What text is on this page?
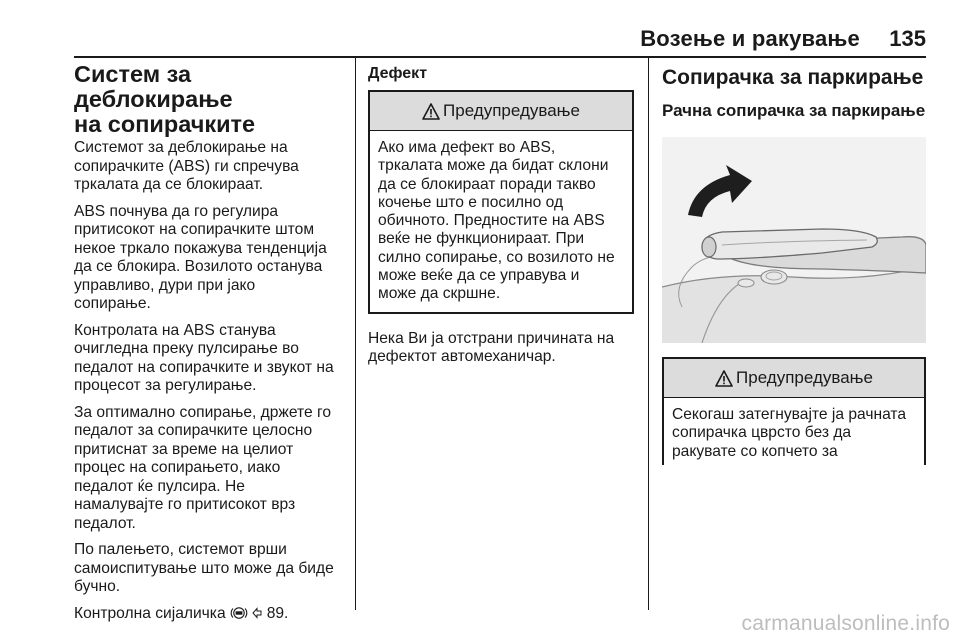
Возење и ракување	135
Систем за деблокирање
на сопирачките

Системот за деблокирање на
сопирачките (ABS) ги спречува
тркалата да се блокираат.

ABS почнува да го регулира
притисокот на сопирачките штом
некое тркало покажува тенденција
да се блокира. Возилото останува
управливо, дури при јако
сопирање.

Контролата на ABS станува
очигледна преку пулсирање во
педалот на сопирачките и звукот на
процесот за регулирање.

За оптимално сопирање, држете го
педалот за сопирачките целосно
притиснат за време на целиот
процес на сопирањето, иако
педалот ќе пулсира. Не
намалувајте го притисокот врз
педалот.

По палењето, системот врши
самоиспитување што може да биде
бучно.

Контролна сијаличка	89.

Дефект
Предупредување
Ако има дефект во ABS,
тркалата може да бидат склони
да се блокираат поради такво
кочење што е посилно од
обичното. Предностите на ABS
веќе не функционираат. При
силно сопирање, со возилото не
може веќе да се управува и
може да скршне.

Нека Ви ја отстрани причината на
дефектот автомеханичар.

Сопирачка за паркирање
Рачна сопирачка за паркирање
Предупредување
Секогаш затегнувајте ја рачната
сопирачка цврсто без да
ракувате со копчето за
carmanualsonline.info
